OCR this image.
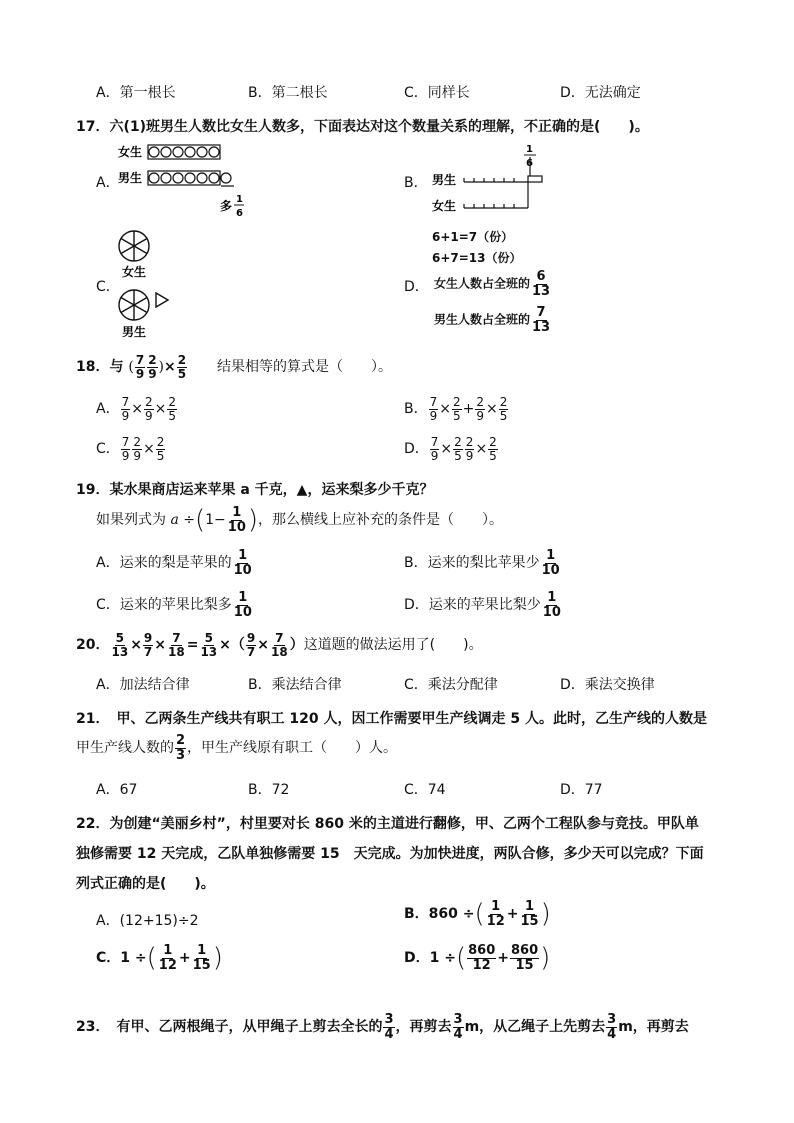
A．第一根长	B．第二根长	C．同样长	D．无法确定
17．六(1)班男生人数比女生人数多，下面表达对这个数量关系的理解，不正确的是(　　)。
A．
女生
男生
多 1
6
B．
1
6
男生
女生
6+1=7（份）
6+7=13（份）
C．
女生
男生
D． 女生人数占全班的 $\frac{6}{13}$
男生人数占全班的 $\frac{7}{13}$
18．与 ( $\frac{7}{9} \frac{2}{9}$ )× $\frac{2}{5}$ 结果相等的算式是（　　）。
A． $\frac{7}{9} \times \frac{2}{9} \times \frac{2}{5}$	B． $\frac{7}{9} \times \frac{2}{5} + \frac{2}{9} \times \frac{2}{5}$
C． $\frac{7}{9} \frac{2}{9} \times \frac{2}{5}$	D． $\frac{7}{9} \times \frac{2}{5} \frac{2}{9} \times \frac{2}{5}$
19．某水果商店运来苹果 a 千克，▲，运来梨多少千克？
如果列式为 $a \div(1- \frac{1}{10}$ )，那么横线上应补充的条件是（　　）。
A．运来的梨是苹果的 $\frac{1}{10}$	B．运来的梨比苹果少 $\frac{1}{10}$
C．运来的苹果比梨多 $\frac{1}{10}$	D．运来的苹果比梨少 $\frac{1}{10}$
20． $\frac{5}{13} \times \frac{9}{7} \times \frac{7}{18} = \frac{5}{13}$ ×（ $\frac{9}{7} \times \frac{7}{18}$ ）这道题的做法运用了(　　)。
A．加法结合律	B．乘法结合律	C．乘法分配律	D．乘法交换律
21．　甲、乙两条生产线共有职工 120 人，因工作需要甲生产线调走 5 人。此时，乙生产线的人数是
甲生产线人数的 $\frac{2}{3}$ ，甲生产线原有职工（　　）人。
A．67	B．72	C．74	D．77
22．为创建“美丽乡村”，村里要对长 860 米的主道进行翻修，甲、乙两个工程队参与竞技。甲队单
独修需要 12 天完成，乙队单独修需要 15　天完成。为加快进度，两队合修，多少天可以完成？下面
列式正确的是(　　)。
A．(12+15)÷2	B．860 ÷( $\frac{1}{12} + \frac{1}{15}$ )
C．1 ÷( $\frac{1}{12} + \frac{1}{15}$ )	D．1 ÷( $\frac{860}{12} + \frac{860}{15}$ )
23．　有甲、乙两根绳子，从甲绳子上剪去全长的 $\frac{3}{4}$ ，再剪去 $\frac{3}{4}$ m，从乙绳子上先剪去 $\frac{3}{4}$ m，再剪去
